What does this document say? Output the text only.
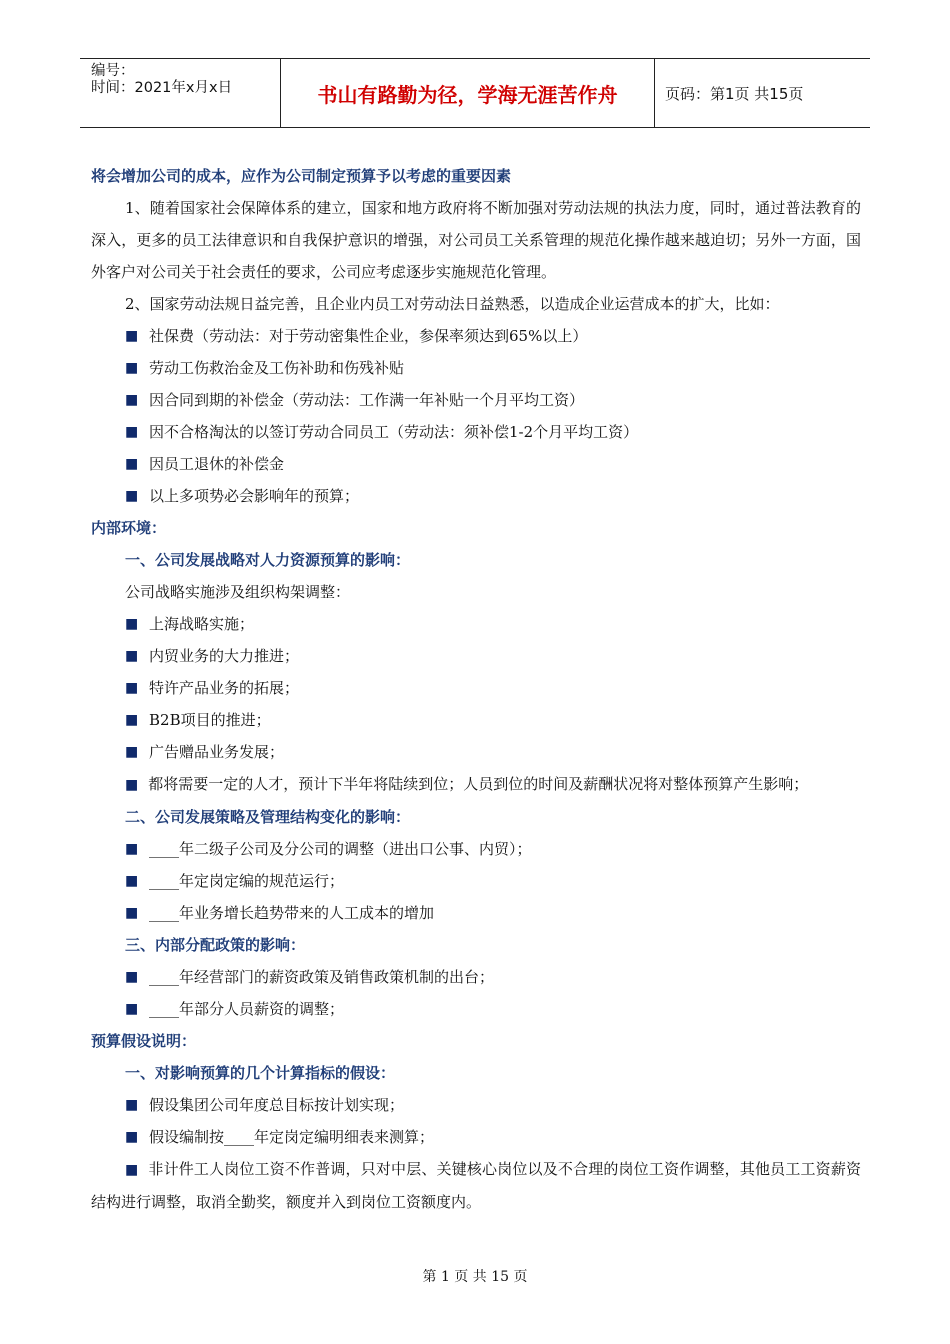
编号：
时间：2021年x月x日	书山有路勤为径，学海无涯苦作舟	页码：第1页 共15页
将会增加公司的成本，应作为公司制定预算予以考虑的重要因素
1、随着国家社会保障体系的建立，国家和地方政府将不断加强对劳动法规的执法力度，同时，通过普法教育的深入，更多的员工法律意识和自我保护意识的增强，对公司员工关系管理的规范化操作越来越迫切；另外一方面，国外客户对公司关于社会责任的要求，公司应考虑逐步实施规范化管理。
2、国家劳动法规日益完善，且企业内员工对劳动法日益熟悉，以造成企业运营成本的扩大，比如：
■ 社保费（劳动法：对于劳动密集性企业，参保率须达到65%以上）
■ 劳动工伤救治金及工伤补助和伤残补贴
■ 因合同到期的补偿金（劳动法：工作满一年补贴一个月平均工资）
■ 因不合格淘汰的以签订劳动合同员工（劳动法：须补偿1-2个月平均工资）
■ 因员工退休的补偿金
■ 以上多项势必会影响年的预算；
内部环境：
一、公司发展战略对人力资源预算的影响：
公司战略实施涉及组织构架调整：
■ 上海战略实施；
■ 内贸业务的大力推进；
■ 特许产品业务的拓展；
■ B2B项目的推进；
■ 广告赠品业务发展；
■ 都将需要一定的人才，预计下半年将陆续到位；人员到位的时间及薪酬状况将对整体预算产生影响；
二、公司发展策略及管理结构变化的影响：
■ ____年二级子公司及分公司的调整（进出口公事、内贸）；
■ ____年定岗定编的规范运行；
■ ____年业务增长趋势带来的人工成本的增加
三、内部分配政策的影响：
■ ____年经营部门的薪资政策及销售政策机制的出台；
■ ____年部分人员薪资的调整；
预算假设说明：
一、对影响预算的几个计算指标的假设：
■ 假设集团公司年度总目标按计划实现；
■ 假设编制按____年定岗定编明细表来测算；
■ 非计件工人岗位工资不作普调，只对中层、关键核心岗位以及不合理的岗位工资作调整，其他员工工资薪资结构进行调整，取消全勤奖，额度并入到岗位工资额度内。
第 1 页 共 15 页
